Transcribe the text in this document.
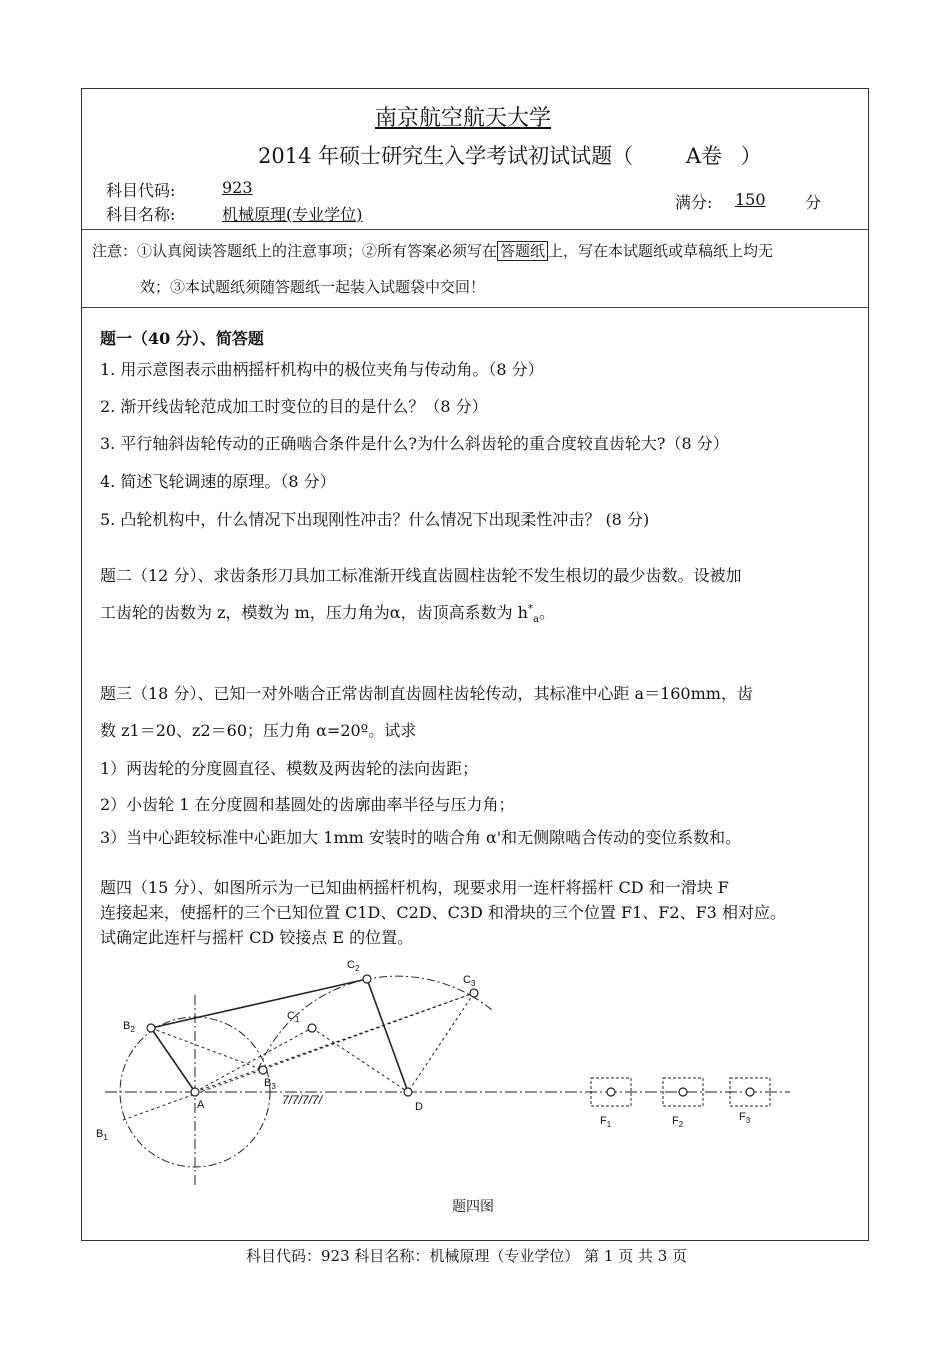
南京航空航天大学
2014 年硕士研究生入学考试初试试题（	A卷 ）
科目代码:	923
科目名称:	机械原理(专业学位)
满分: 150 分
注意：①认真阅读答题纸上的注意事项；②所有答案必须写在 答题纸 上，写在本试题纸或草稿纸上均无
效；③本试题纸须随答题纸一起装入试题袋中交回！
题一（40 分）、简答题
1. 用示意图表示曲柄摇杆机构中的极位夹角与传动角。（8 分）
2. 渐开线齿轮范成加工时变位的目的是什么？（8 分）
3. 平行轴斜齿轮传动的正确啮合条件是什么?为什么斜齿轮的重合度较直齿轮大?（8 分）
4. 简述飞轮调速的原理。（8 分）
5. 凸轮机构中，什么情况下出现刚性冲击？什么情况下出现柔性冲击？ (8 分)
题二（12 分）、求齿条形刀具加工标准渐开线直齿圆柱齿轮不发生根切的最少齿数。设被加
工齿轮的齿数为 z，模数为 m，压力角为α，齿顶高系数为 $h^*_a$。
题三（18 分）、已知一对外啮合正常齿制直齿圆柱齿轮传动，其标准中心距 a＝160mm，齿
数 z1＝20、z2＝60；压力角 α=20º。试求
1）两齿轮的分度圆直径、模数及两齿轮的法向齿距；
2）小齿轮 1 在分度圆和基圆处的齿廓曲率半径与压力角；
3）当中心距较标准中心距加大 1mm 安装时的啮合角 α'和无侧隙啮合传动的变位系数和。
题四（15 分）、如图所示为一已知曲柄摇杆机构，现要求用一连杆将摇杆 CD 和一滑块 F
连接起来，使摇杆的三个已知位置 C1D、C2D、C3D 和滑块的三个位置 F1、F2、F3 相对应。
试确定此连杆与摇杆 CD 铰接点 E 的位置。
A	D
$B_1$
$B_2$
$B_3$
$C_1$
$C_2$
$C_3$
$F_1$	$F_2$
$F_3$
7/7/7/7/
题四图
科目代码：923 科目名称：机械原理（专业学位） 第 1 页 共 3 页
